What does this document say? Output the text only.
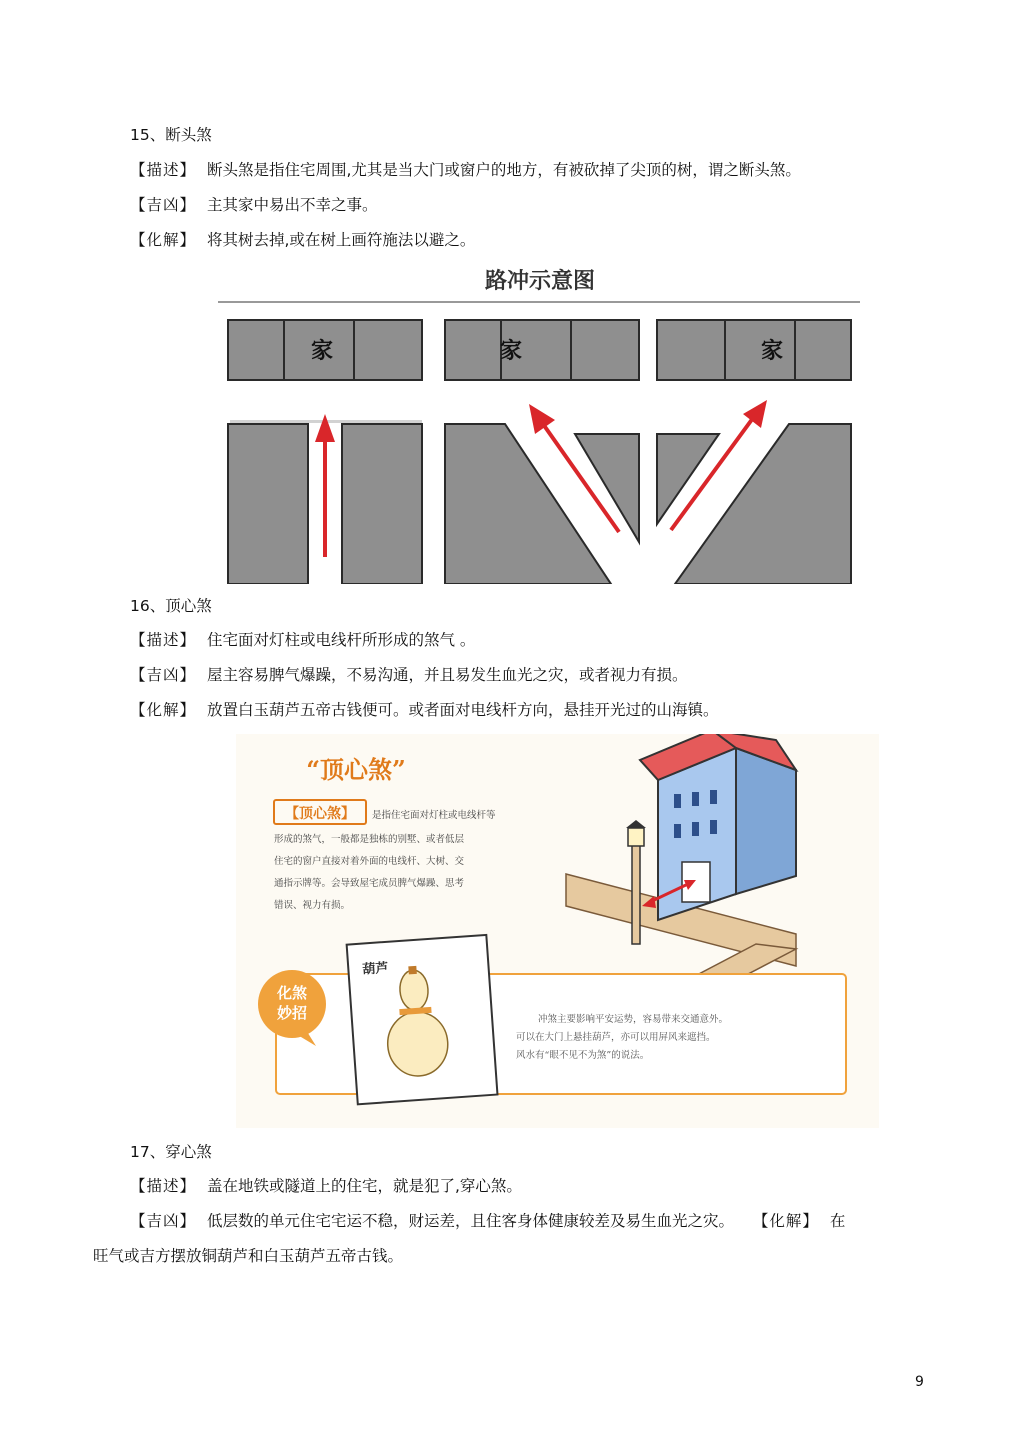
15、断头煞
【描述】 断头煞是指住宅周围,尤其是当大门或窗户的地方，有被砍掉了尖顶的树，谓之断头煞。
【吉凶】 主其家中易出不幸之事。
【化解】 将其树去掉,或在树上画符施法以避之。
路冲示意图
家	家	家
16、顶心煞
【描述】 住宅面对灯柱或电线杆所形成的煞气 。
【吉凶】 屋主容易脾气爆躁，不易沟通，并且易发生血光之灾，或者视力有损。
【化解】 放置白玉葫芦五帝古钱便可。或者面对电线杆方向，悬挂开光过的山海镇。
“顶心煞”
【顶心煞】 是指住宅面对灯柱或电线杆等
形成的煞气，一般都是独栋的别墅、或者低层
住宅的窗户直接对着外面的电线杆、大树、交
通指示牌等。会导致屋宅成员脾气爆躁、思考
错误、视力有损。
化煞
妙招
葫芦
冲煞主要影响平安运势，容易带来交通意外。
可以在大门上悬挂葫芦，亦可以用屏风来遮挡。
风水有“眼不见不为煞”的说法。
17、穿心煞
【描述】 盖在地铁或隧道上的住宅，就是犯了,穿心煞。
【吉凶】 低层数的单元住宅宅运不稳，财运差，且住客身体健康较差及易生血光之灾。 【化解】 在
旺气或吉方摆放铜葫芦和白玉葫芦五帝古钱。
9
